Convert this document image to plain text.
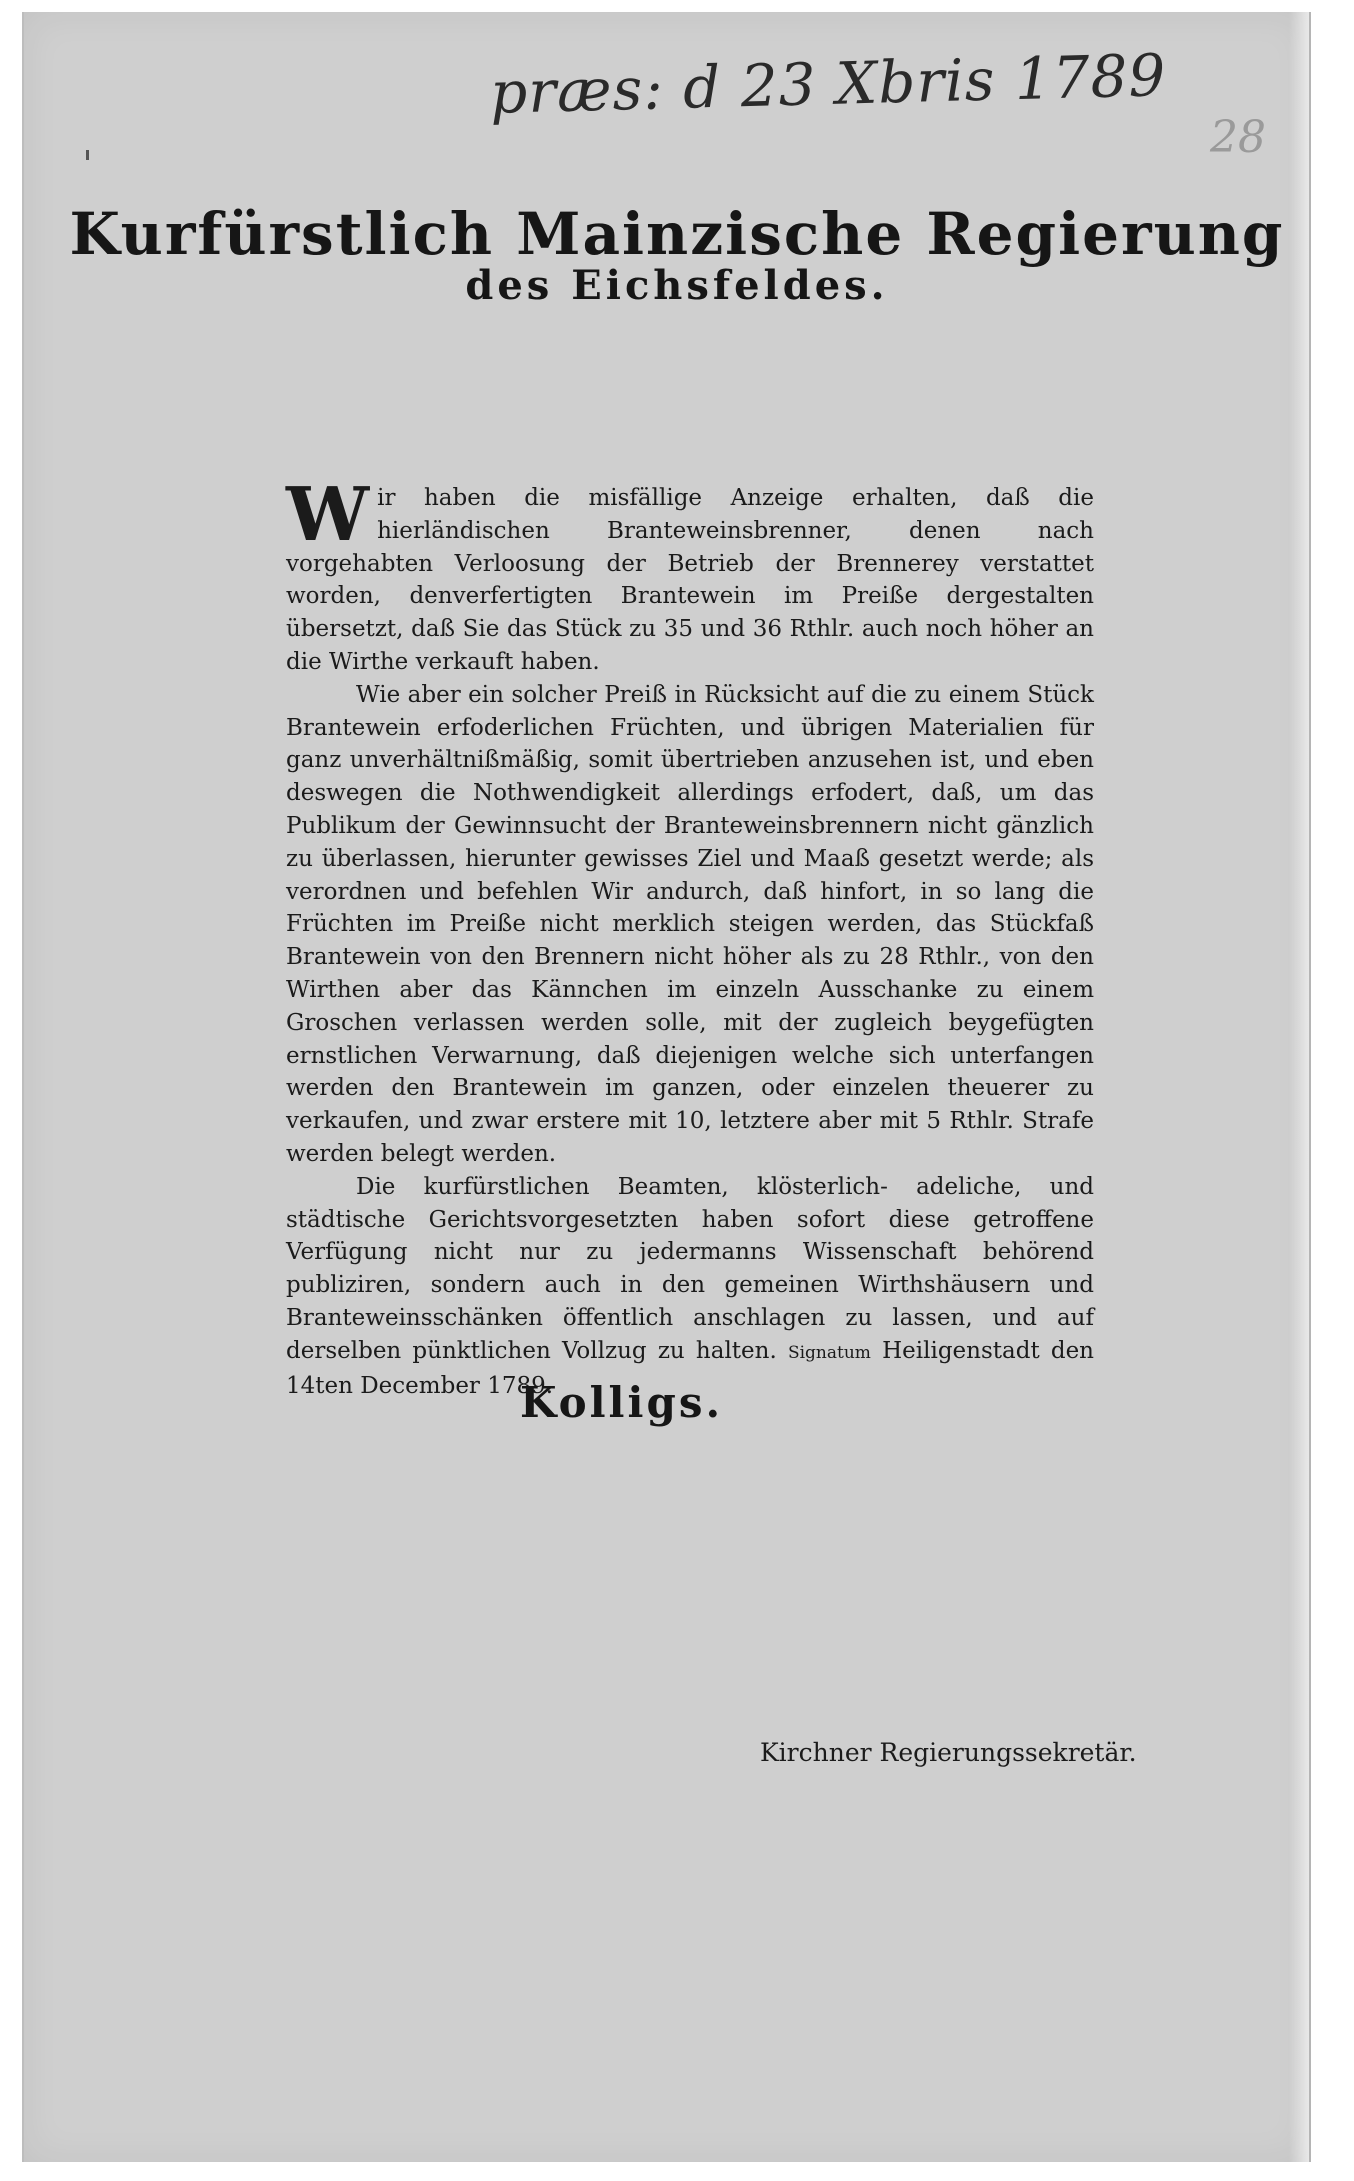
præs: d 23 Xbris 1789
28
Kurfürstlich Mainzische Regierung
des Eichsfeldes.

Wir haben die misfällige Anzeige erhalten, daß die hierländischen Branteweinsbrenner, denen nach vorgehabten Verloosung der Betrieb der Brennerey verstattet worden, denverfertigten Brantewein im Preiße dergestalten übersetzt, daß Sie das Stück zu 35 und 36 Rthlr. auch noch höher an die Wirthe verkauft haben.

Wie aber ein solcher Preiß in Rücksicht auf die zu einem Stück Brantewein erfoderlichen Früchten, und übrigen Materialien für ganz unverhältnißmäßig, somit übertrieben anzusehen ist, und eben deswegen die Nothwendigkeit allerdings erfodert, daß, um das Publikum der Gewinnsucht der Branteweinsbrennern nicht gänzlich zu überlassen, hierunter gewisses Ziel und Maaß gesetzt werde; als verordnen und befehlen Wir andurch, daß hinfort, in so lang die Früchten im Preiße nicht merklich steigen werden, das Stückfaß Brantewein von den Brennern nicht höher als zu 28 Rthlr., von den Wirthen aber das Kännchen im einzeln Ausschanke zu einem Groschen verlassen werden solle, mit der zugleich beygefügten ernstlichen Verwarnung, daß diejenigen welche sich unterfangen werden den Brantewein im ganzen, oder einzelen theuerer zu verkaufen, und zwar erstere mit 10, letztere aber mit 5 Rthlr. Strafe werden belegt werden.

Die kurfürstlichen Beamten, klösterlich- adeliche, und städtische Gerichtsvorgesetzten haben sofort diese getroffene Verfügung nicht nur zu jedermanns Wissenschaft behörend publiziren, sondern auch in den gemeinen Wirthshäusern und Branteweinsschänken öffentlich anschlagen zu lassen, und auf derselben pünktlichen Vollzug zu halten. Signatum Heiligenstadt den 14ten December 1789.

Kolligs.
Kirchner Regierungssekretär.
